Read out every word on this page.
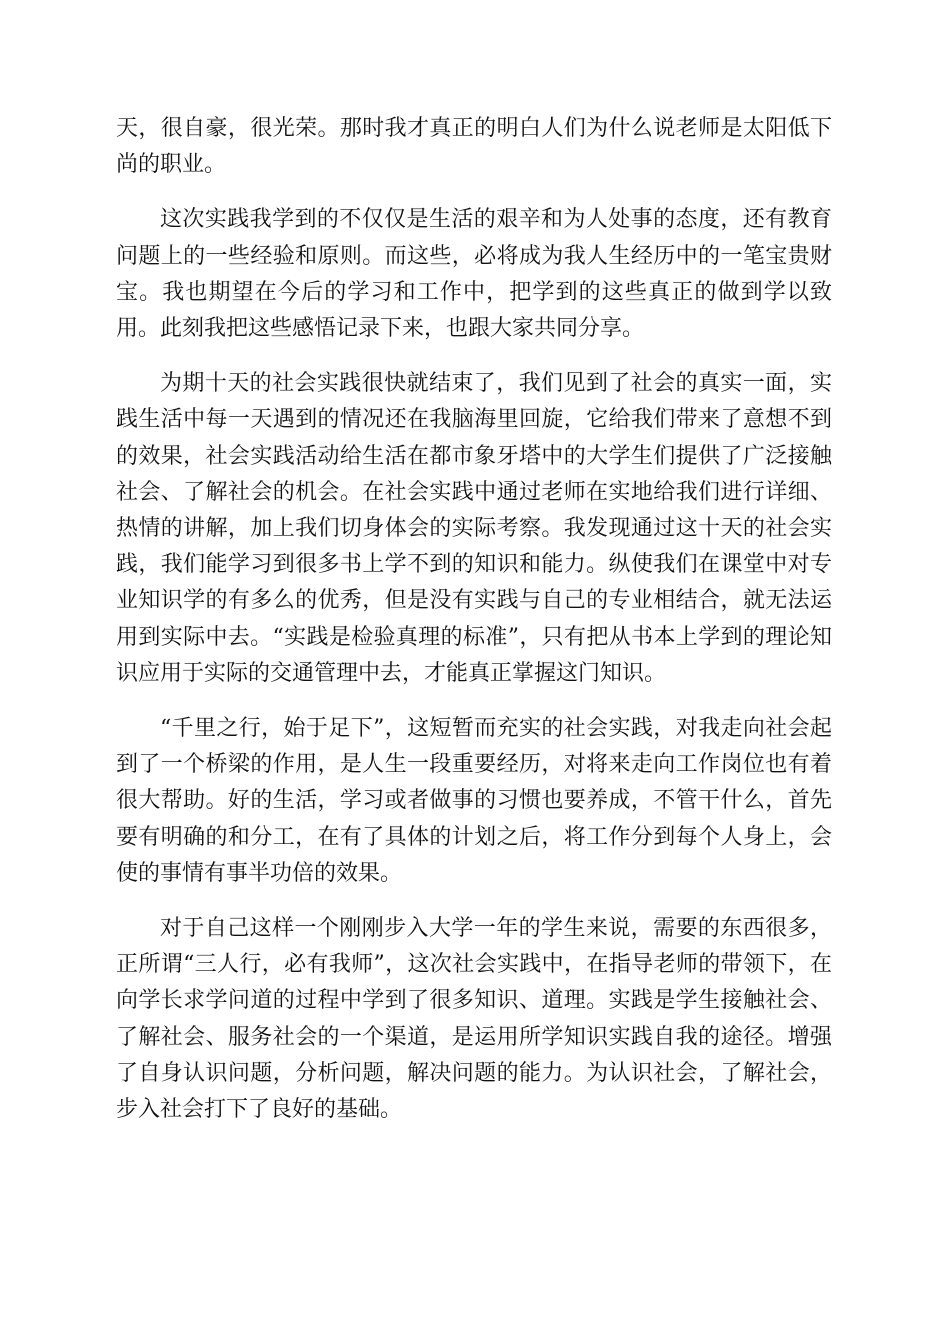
天，很自豪，很光荣。那时我才真正的明白人们为什么说老师是太阳低下尚的职业。

这次实践我学到的不仅仅是生活的艰辛和为人处事的态度，还有教育问题上的一些经验和原则。而这些，必将成为我人生经历中的一笔宝贵财宝。我也期望在今后的学习和工作中，把学到的这些真正的做到学以致用。此刻我把这些感悟记录下来，也跟大家共同分享。

为期十天的社会实践很快就结束了，我们见到了社会的真实一面，实践生活中每一天遇到的情况还在我脑海里回旋，它给我们带来了意想不到的效果，社会实践活动给生活在都市象牙塔中的大学生们提供了广泛接触社会、了解社会的机会。在社会实践中通过老师在实地给我们进行详细、热情的讲解，加上我们切身体会的实际考察。我发现通过这十天的社会实践，我们能学习到很多书上学不到的知识和能力。纵使我们在课堂中对专业知识学的有多么的优秀，但是没有实践与自己的专业相结合，就无法运用到实际中去。“实践是检验真理的标准”，只有把从书本上学到的理论知识应用于实际的交通管理中去，才能真正掌握这门知识。

“千里之行，始于足下”，这短暂而充实的社会实践，对我走向社会起到了一个桥梁的作用，是人生一段重要经历，对将来走向工作岗位也有着很大帮助。好的生活，学习或者做事的习惯也要养成，不管干什么，首先要有明确的和分工，在有了具体的计划之后，将工作分到每个人身上，会使的事情有事半功倍的效果。

对于自己这样一个刚刚步入大学一年的学生来说，需要的东西很多，正所谓“三人行，必有我师”，这次社会实践中，在指导老师的带领下，在向学长求学问道的过程中学到了很多知识、道理。实践是学生接触社会、了解社会、服务社会的一个渠道，是运用所学知识实践自我的途径。增强了自身认识问题，分析问题，解决问题的能力。为认识社会，了解社会，步入社会打下了良好的基础。
